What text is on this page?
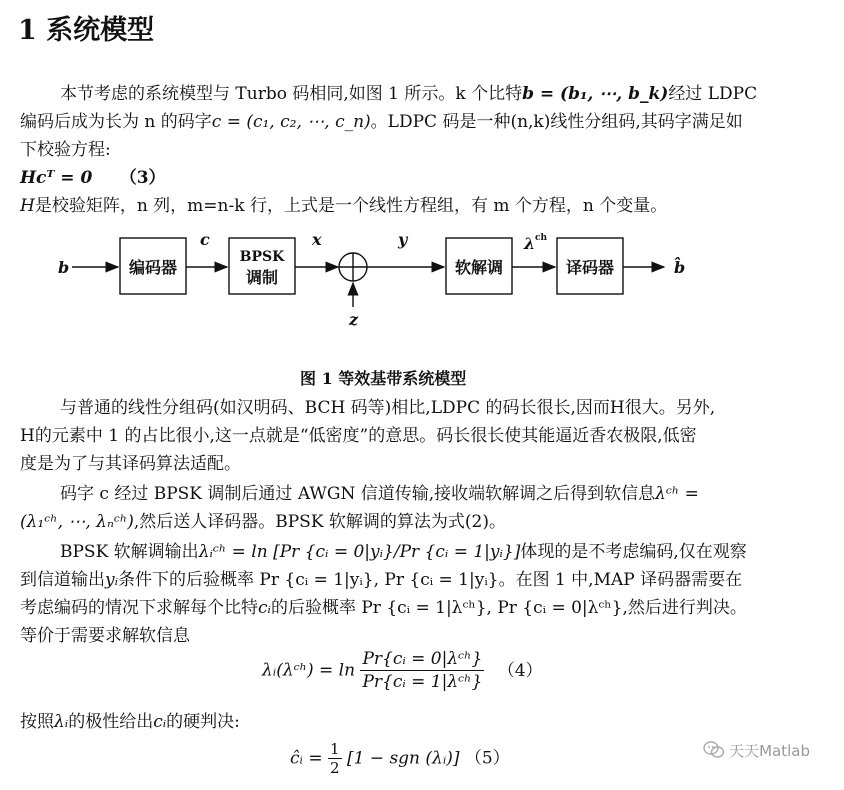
1 系统模型
本节考虑的系统模型与 Turbo 码相同,如图 1 所示。k 个比特b = (b₁, ⋯, b_k)经过 LDPC
编码后成为长为 n 的码字c = (c₁, c₂, ⋯, c_n)。LDPC 码是一种(n,k)线性分组码,其码字满足如
下校验方程:
Hcᵀ = 0 （3）
H是校验矩阵，n 列，m=n-k 行，上式是一个线性方程组，有 m 个方程，n 个变量。
b	编码器
c
BPSK
调制
x	y
z
软解调
λ ch
译码器	b̂
图 1 等效基带系统模型
与普通的线性分组码(如汉明码、BCH 码等)相比,LDPC 的码长很长,因而H很大。另外,
H的元素中 1 的占比很小,这一点就是“低密度”的意思。码长很长使其能逼近香农极限,低密
度是为了与其译码算法适配。
码字 c 经过 BPSK 调制后通过 AWGN 信道传输,接收端软解调之后得到软信息λᶜʰ =
(λ₁ᶜʰ, ⋯, λₙᶜʰ),然后送人译码器。BPSK 软解调的算法为式(2)。
BPSK 软解调输出λᵢᶜʰ = ln [Pr {cᵢ = 0|yᵢ}/Pr {cᵢ = 1|yᵢ}]体现的是不考虑编码,仅在观察
到信道输出yᵢ条件下的后验概率 Pr {cᵢ = 1|yᵢ}, Pr {cᵢ = 1|yᵢ}。在图 1 中,MAP 译码器需要在
考虑编码的情况下求解每个比特cᵢ的后验概率 Pr {cᵢ = 1|λᶜʰ}, Pr {cᵢ = 0|λᶜʰ},然后进行判决。
等价于需要求解软信息
λᵢ(λᶜʰ) = $\ln \frac{\text{Pr\{cᵢ = 0|λᶜʰ\}}}{\text{Pr\{cᵢ = 1|λᶜʰ\}}} (4)$
按照λᵢ的极性给出cᵢ的硬判决:
ĉᵢ = $\frac{1}{2} [1$ − sgn (λᵢ)] （5）	天天Matlab
